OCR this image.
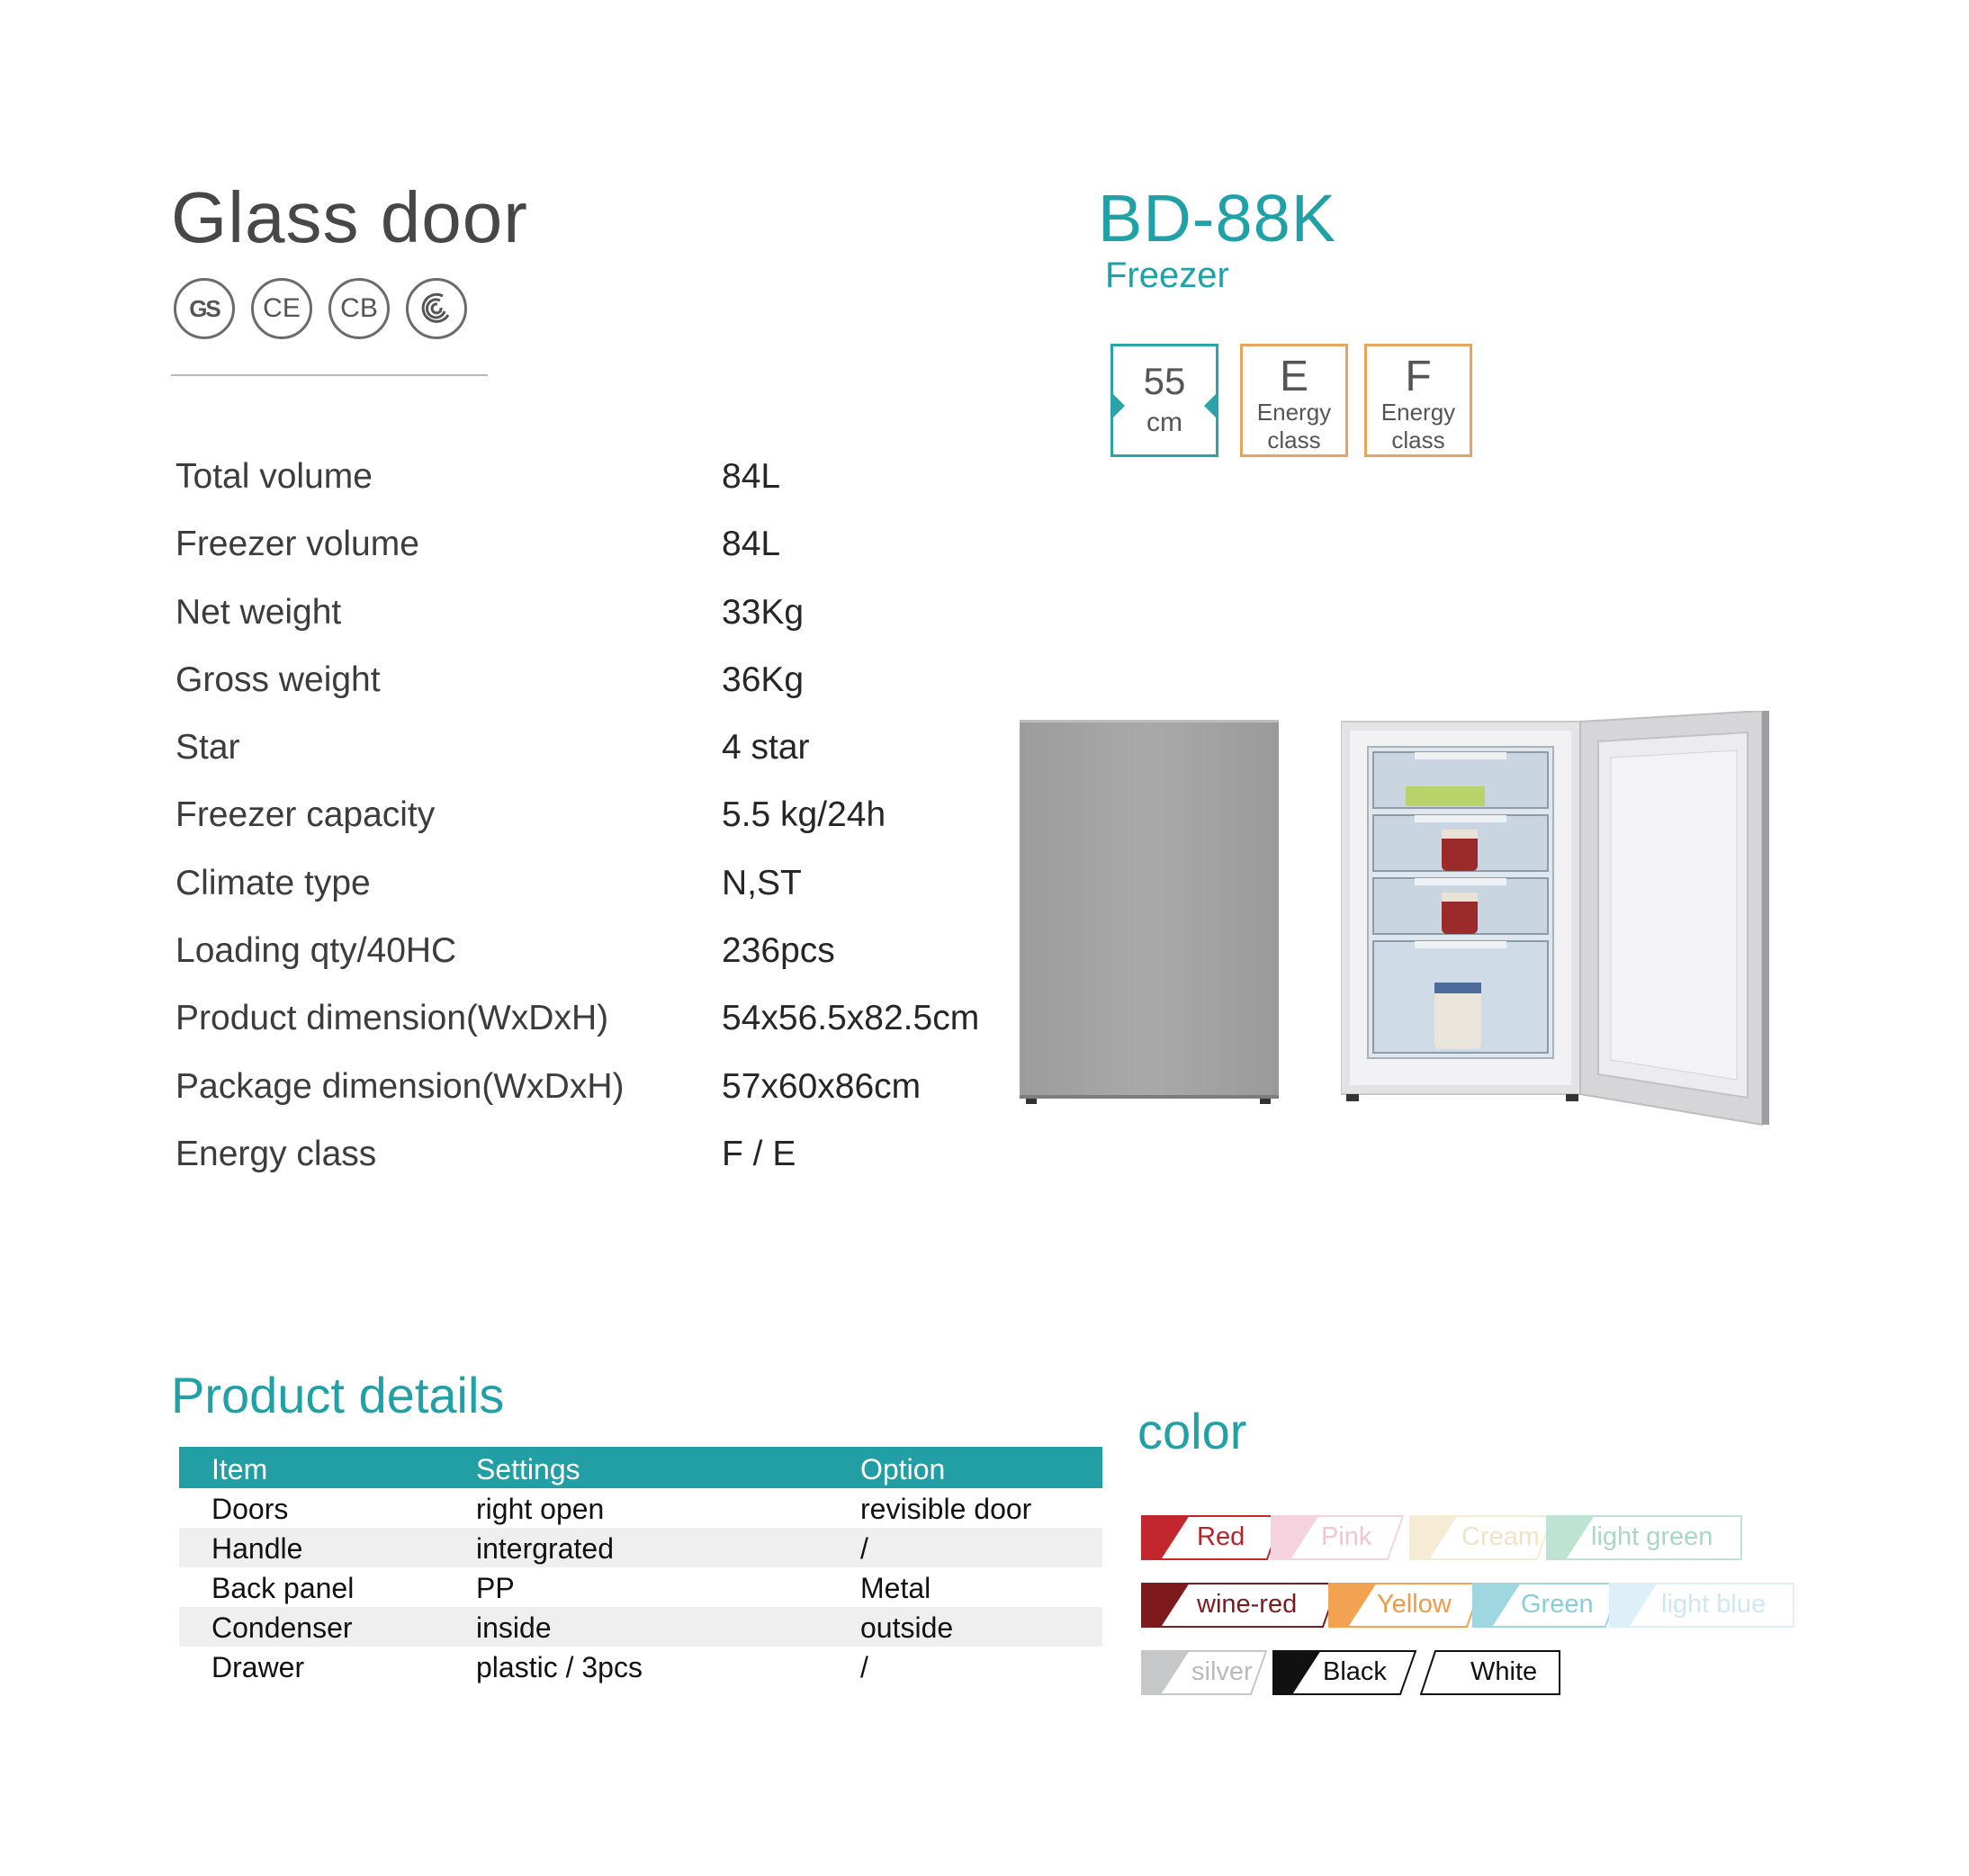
Glass door
GS CE CB
Total volume	84L
Freezer volume	84L
Net weight	33Kg
Gross weight	36Kg
Star	4 star
Freezer capacity	5.5 kg/24h
Climate type	N,ST
Loading qty/40HC	236pcs
Product dimension(WxDxH)	54x56.5x82.5cm
Package dimension(WxDxH)	57x60x86cm
Energy class	F / E
BD-88K
Freezer
55
cm
E
Energy
class
F
Energy
class
Product details
Item	Settings	Option
Doors	right open	revisible door
Handle	intergrated	/
Back panel	PP	Metal
Condenser	inside	outside
Drawer	plastic / 3pcs	/
color
Red	Pink	Cream light green
wine-red	Yellow	Green	light blue
silver	Black	White
